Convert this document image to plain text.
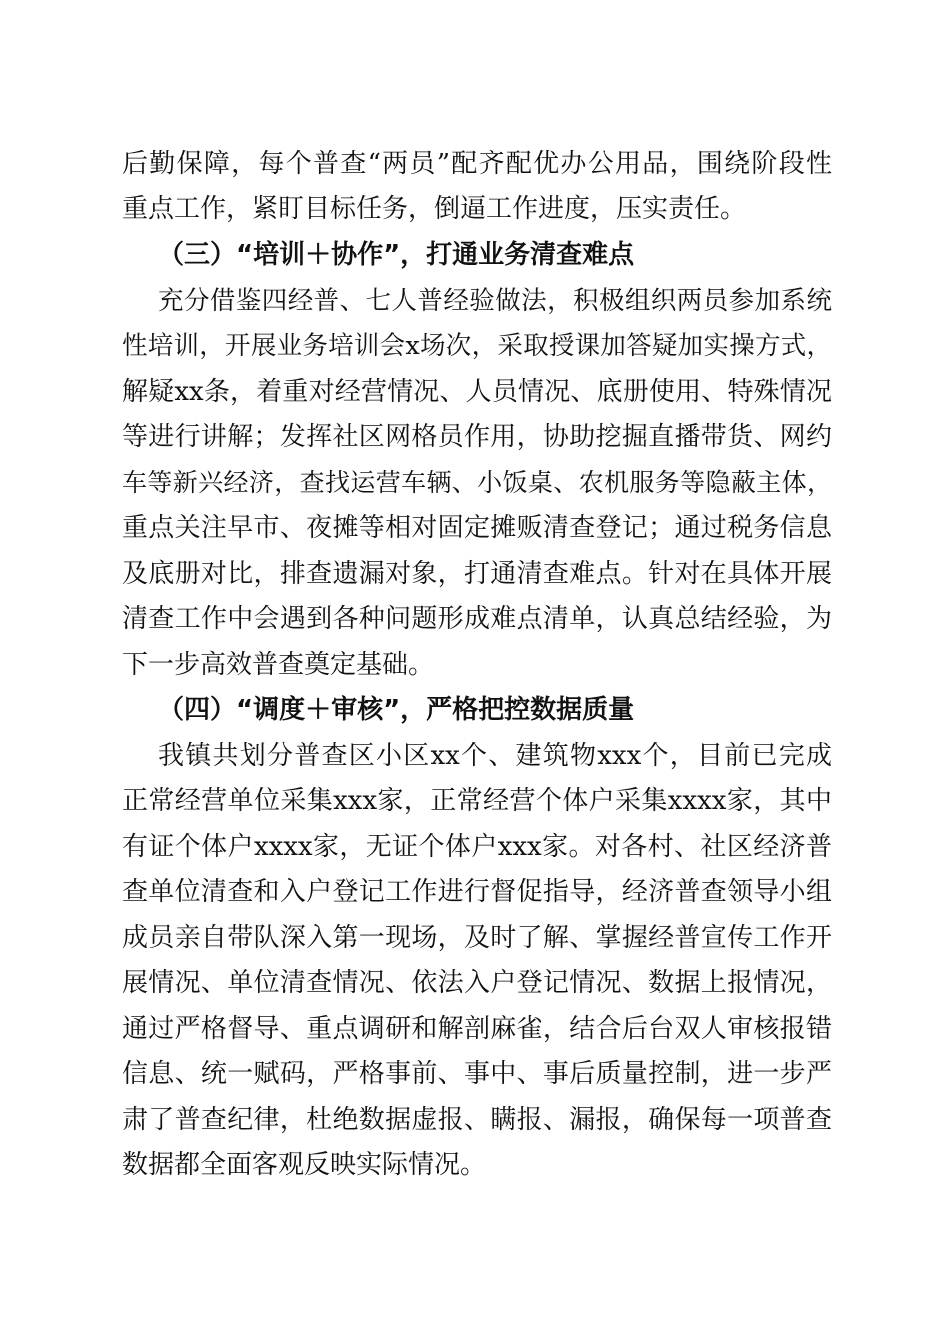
后勤保障，每个普查“两员”配齐配优办公用品，围绕阶段性
重点工作，紧盯目标任务，倒逼工作进度，压实责任。
（三）“培训＋协作”，打通业务清查难点
充分借鉴四经普、七人普经验做法，积极组织两员参加系统
性培训，开展业务培训会x场次，采取授课加答疑加实操方式，
解疑xx条，着重对经营情况、人员情况、底册使用、特殊情况
等进行讲解；发挥社区网格员作用，协助挖掘直播带货、网约
车等新兴经济，查找运营车辆、小饭桌、农机服务等隐蔽主体，
重点关注早市、夜摊等相对固定摊贩清查登记；通过税务信息
及底册对比，排查遗漏对象，打通清查难点。针对在具体开展
清查工作中会遇到各种问题形成难点清单，认真总结经验，为
下一步高效普查奠定基础。
（四）“调度＋审核”，严格把控数据质量
我镇共划分普查区小区xx个、建筑物xxx个，目前已完成
正常经营单位采集xxx家，正常经营个体户采集xxxx家，其中
有证个体户xxxx家，无证个体户xxx家。对各村、社区经济普
查单位清查和入户登记工作进行督促指导，经济普查领导小组
成员亲自带队深入第一现场，及时了解、掌握经普宣传工作开
展情况、单位清查情况、依法入户登记情况、数据上报情况，
通过严格督导、重点调研和解剖麻雀，结合后台双人审核报错
信息、统一赋码，严格事前、事中、事后质量控制，进一步严
肃了普查纪律，杜绝数据虚报、瞒报、漏报，确保每一项普查
数据都全面客观反映实际情况。
